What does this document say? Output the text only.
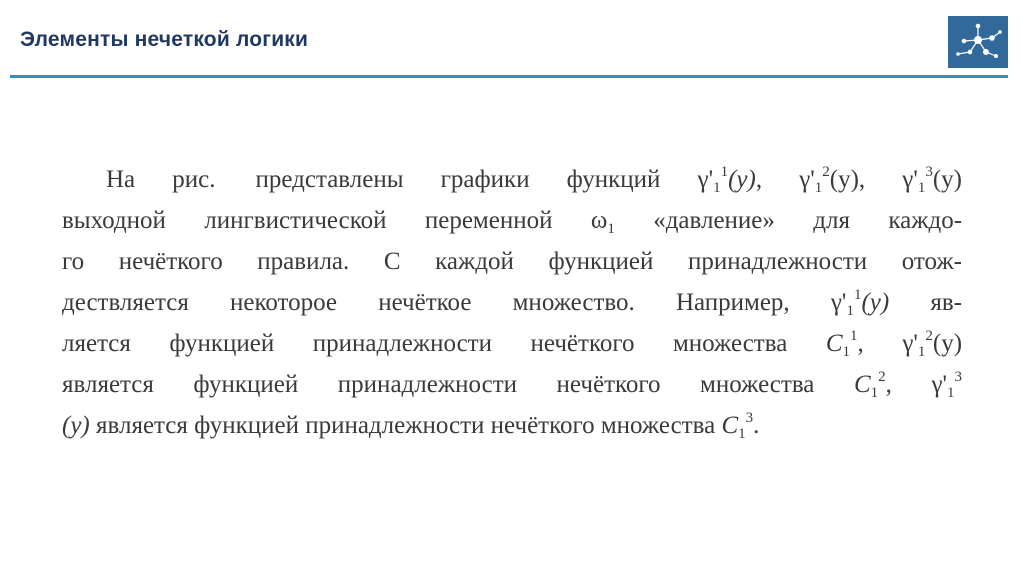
Элементы нечеткой логики
На рис. представлены графики функций $\gamma'_1^1(y)$, $\gamma'_1^2(у)$, $\gamma'_1^3(у)$
выходной лингвистической переменной $\omega_1$ «давление» для каждо-
го нечёткого правила. С каждой функцией принадлежности отож-
дествляется некоторое нечёткое множество. Например, $\gamma'_1^1(y)$ яв-
ляется функцией принадлежности нечёткого множества $C_1^1$, $\gamma'_1^2(у)$
является функцией принадлежности нечёткого множества $C_1^2$, $\gamma'_1^3$
(y) является функцией принадлежности нечёткого множества $C_1^3$.
